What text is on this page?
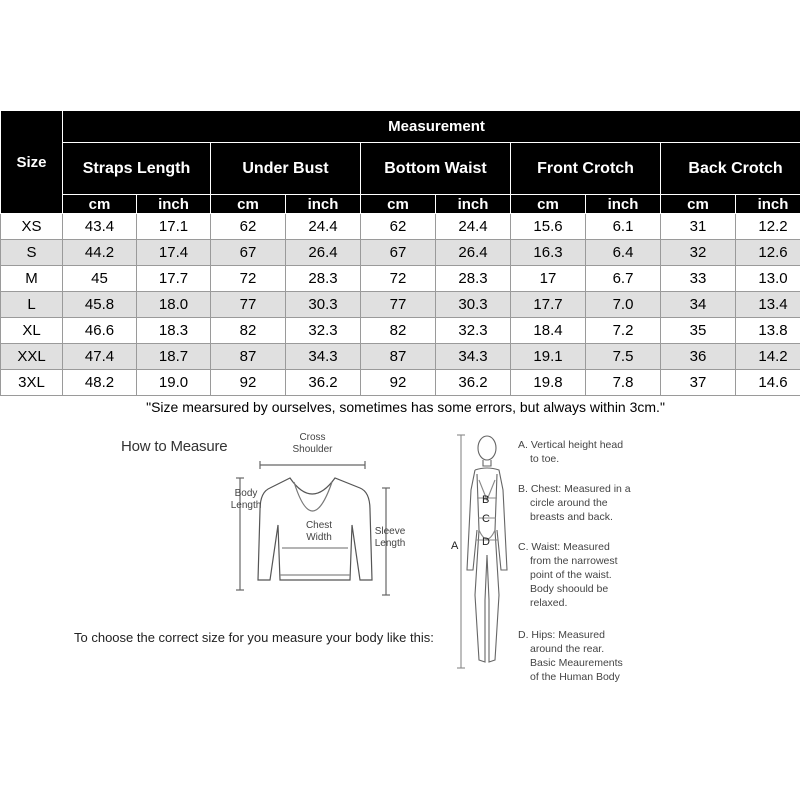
Size	Measurement									
	Straps Length		Under Bust		Bottom Waist		Front Crotch		Back Crotch	
	cm	inch	cm	inch	cm	inch	cm	inch	cm	inch
XS	43.4	17.1	62	24.4	62	24.4	15.6	6.1	31	12.2
S	44.2	17.4	67	26.4	67	26.4	16.3	6.4	32	12.6
M	45	17.7	72	28.3	72	28.3	17	6.7	33	13.0
L	45.8	18.0	77	30.3	77	30.3	17.7	7.0	34	13.4
XL	46.6	18.3	82	32.3	82	32.3	18.4	7.2	35	13.8
XXL	47.4	18.7	87	34.3	87	34.3	19.1	7.5	36	14.2
3XL	48.2	19.0	92	36.2	92	36.2	19.8	7.8	37	14.6
"Size mearsured by ourselves, sometimes has some errors, but always within 3cm."										
How to Measure
Cross
Shoulder
Body
Length
Chest
Width
Sleeve
Length
To choose the correct size for you measure your body like this:
A
B
C
D
A. Vertical height head
to toe.
B. Chest: Measured in a
circle around the
breasts and back.
C. Waist: Measured
from the narrowest
point of the waist.
Body shoould be
relaxed.
D. Hips: Measured
around the rear.
Basic Meaurements
of the Human Body
